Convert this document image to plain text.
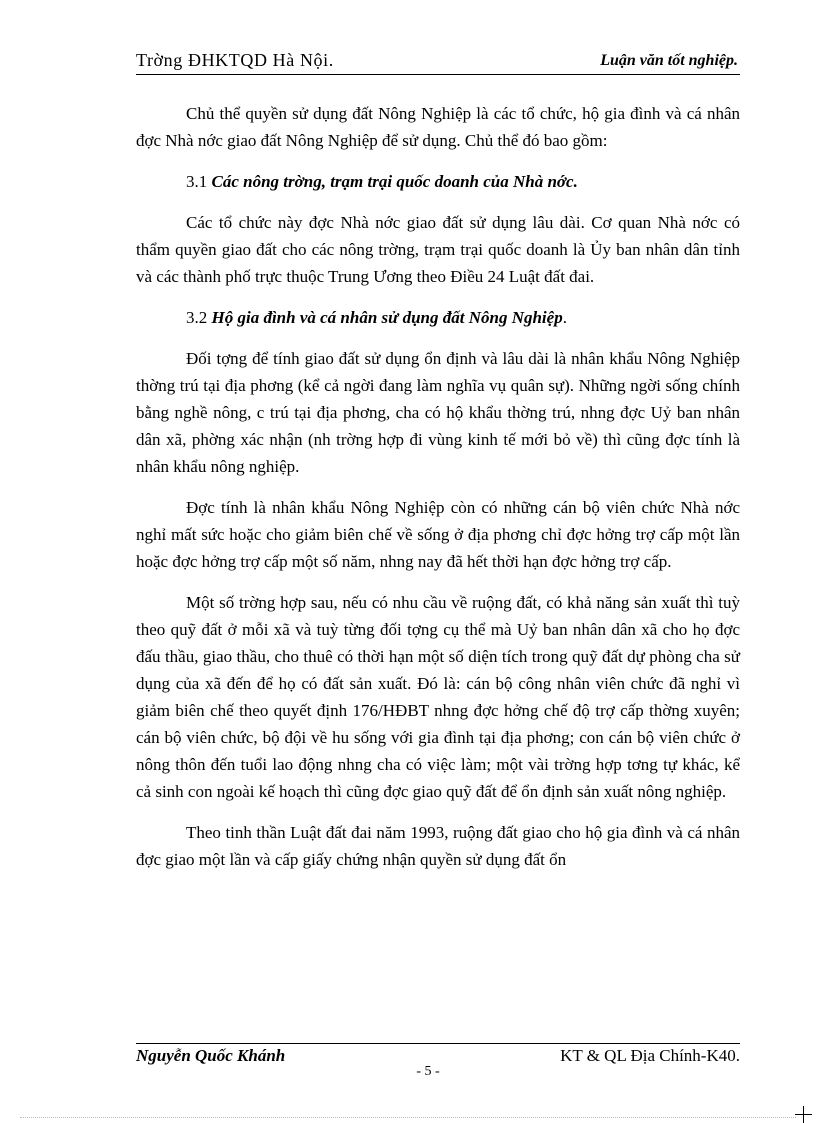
Trờng ĐHKTQD Hà Nội.	Luận văn tốt nghiệp.

Chủ thể quyền sử dụng đất Nông Nghiệp là các tổ chức, hộ gia đình và cá nhân đợc Nhà nớc giao đất Nông Nghiệp để sử dụng. Chủ thể đó bao gồm:

3.1 Các nông trờng, trạm trại quốc doanh của Nhà nớc.

Các tổ chức này đợc Nhà nớc giao đất sử dụng lâu dài. Cơ quan Nhà nớc có thẩm quyền giao đất cho các nông trờng, trạm trại quốc doanh là Ủy ban nhân dân tỉnh và các thành phố trực thuộc Trung Ương theo Điều 24 Luật đất đai.

3.2 Hộ gia đình và cá nhân sử dụng đất Nông Nghiệp.

Đối tợng để tính giao đất sử dụng ổn định và lâu dài là nhân khẩu Nông Nghiệp thờng trú tại địa phơng (kể cả ngời đang làm nghĩa vụ quân sự). Những ngời sống chính bằng nghề nông, c trú tại địa phơng, cha có hộ khẩu thờng trú, nhng đợc Uỷ ban nhân dân xã, phờng xác nhận (nh trờng hợp đi vùng kinh tế mới bỏ về) thì cũng đợc tính là nhân khẩu nông nghiệp.

Đợc tính là nhân khẩu Nông Nghiệp còn có những cán bộ viên chức Nhà nớc nghỉ mất sức hoặc cho giảm biên chế về sống ở địa phơng chỉ đợc hởng trợ cấp một lần hoặc đợc hởng trợ cấp một số năm, nhng nay đã hết thời hạn đợc hởng trợ cấp.

Một số trờng hợp sau, nếu có nhu cầu về ruộng đất, có khả năng sản xuất thì tuỳ theo quỹ đất ở mỗi xã và tuỳ từng đối tợng cụ thể mà Uỷ ban nhân dân xã cho họ đợc đấu thầu, giao thầu, cho thuê có thời hạn một số diện tích trong quỹ đất dự phòng cha sử dụng của xã đến để họ có đất sản xuất. Đó là: cán bộ công nhân viên chức đã nghỉ vì giảm biên chế theo quyết định 176/HĐBT nhng đợc hởng chế độ trợ cấp thờng xuyên; cán bộ viên chức, bộ đội về hu sống với gia đình tại địa phơng; con cán bộ viên chức ở nông thôn đến tuổi lao động nhng cha có việc làm; một vài trờng hợp tơng tự khác, kể cả sinh con ngoài kế hoạch thì cũng đợc giao quỹ đất để ổn định sản xuất nông nghiệp.

Theo tinh thần Luật đất đai năm 1993, ruộng đất giao cho hộ gia đình và cá nhân đợc giao một lần và cấp giấy chứng nhận quyền sử dụng đất ổn

Nguyễn Quốc Khánh	KT & QL Địa Chính-K40.
- 5 -
